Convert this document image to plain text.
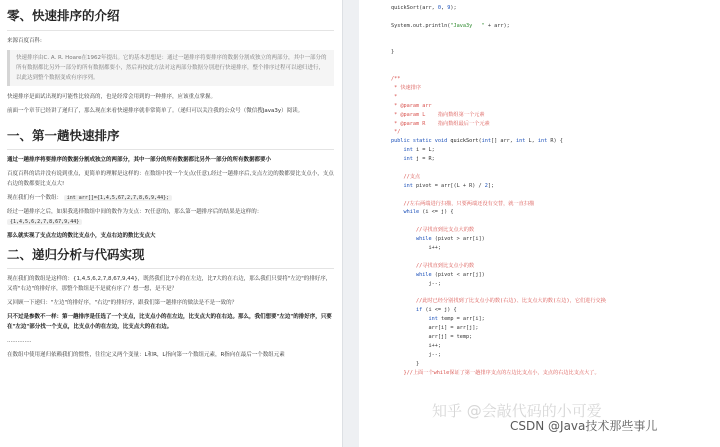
零、快速排序的介绍
来源百度百科:
快速排序由C. A. R. Hoare在1962年提出。它的基本思想是：通过一趟排序将要排序的数据分割成独立的两部分，其中一部分的所有数据都比另外一部分的所有数据都要小，然后再按此方法对这两部分数据分别进行快速排序，整个排序过程可以递归进行，以此达到整个数据变成有序序列。
快速排序是面试出现的可能性比较高的，也是经常会用到的一种排序，应该重点掌握。
前面一个章节已经讲了递归了，那么现在来看快速排序就非常简单了。（递归可以关注我的公众号（微信搜Java3y）阅读。
一、第一趟快速排序
通过一趟排序将要排序的数据分割成独立的两部分，其中一部分的所有数据都比另外一部分的所有数据都要小
百度百科的话并没有说到重点，更简单的理解是这样的：在数组中找一个支点(任意),经过一趟排序后,支点左边的数都要比支点小，支点右边的数都要比支点大!
现在我们有一个数组： int arr[]={1,4,5,67,2,7,8,6,9,44};
经过一趟排序之后，如果我选择数组中间的数作为支点：7(任意的)，那么第一趟排序后的结果是这样的： {1,4,5,6,2,7,8,67,9,44}
那么就实现了支点左边的数比支点小，支点右边的数比支点大
二、递归分析与代码实现
现在我们的数组是这样的：{1,4,5,6,2,7,8,67,9,44}，既然我们比7小的在左边，比7大的在右边，那么我们只要将"左边"的排好序，又将"右边"的排好序，那整个数组是不是就有序了？想一想，是不是？
又回顾一下递归："左边"的排好序，"右边"的排好序，跟我们第一趟排序的做法是不是一致的？
只不过是参数不一样：第一趟排序是任选了一个支点，比支点小的在左边，比支点大的在右边。那么，我们想要"左边"的排好序，只要在"左边"部分找一个支点，比支点小的在左边，比支点大的在右边。
..............
在数组中使用递归依赖我们的惯性，往往定义两个变量：L和R，L指向第一个数组元素，R指向在最后一个数组元素
quickSort(arr, 0, 9);

System.out.println("Java3y   " + arr);

}

/**
* 快速排序
*
* @param arr
* @param L    指向数组第一个元素
* @param R    指向数组最后一个元素
*/
public static void quickSort(int[] arr, int L, int R) {
int i = L;
int j = R;

//支点
int pivot = arr[(L + R) / 2];

//左右两端进行扫描，只要两端还没有交替，就一直扫描
while (i <= j) {

//寻找直到比支点大的数
while (pivot > arr[i])
i++;

//寻找直到比支点小的数
while (pivot < arr[j])
j--;

//此时已经分别找到了比支点小的数(右边)、比支点大的数(左边)，它们进行交换
if (i <= j) {
int temp = arr[i];
arr[i] = arr[j];
arr[j] = temp;
i++;
j--;
}
}//上面一个while保证了第一趟排序支点的左边比支点小，支点的右边比支点大了。
知乎 @会敲代码的小可爱
CSDN @Java技术那些事儿
